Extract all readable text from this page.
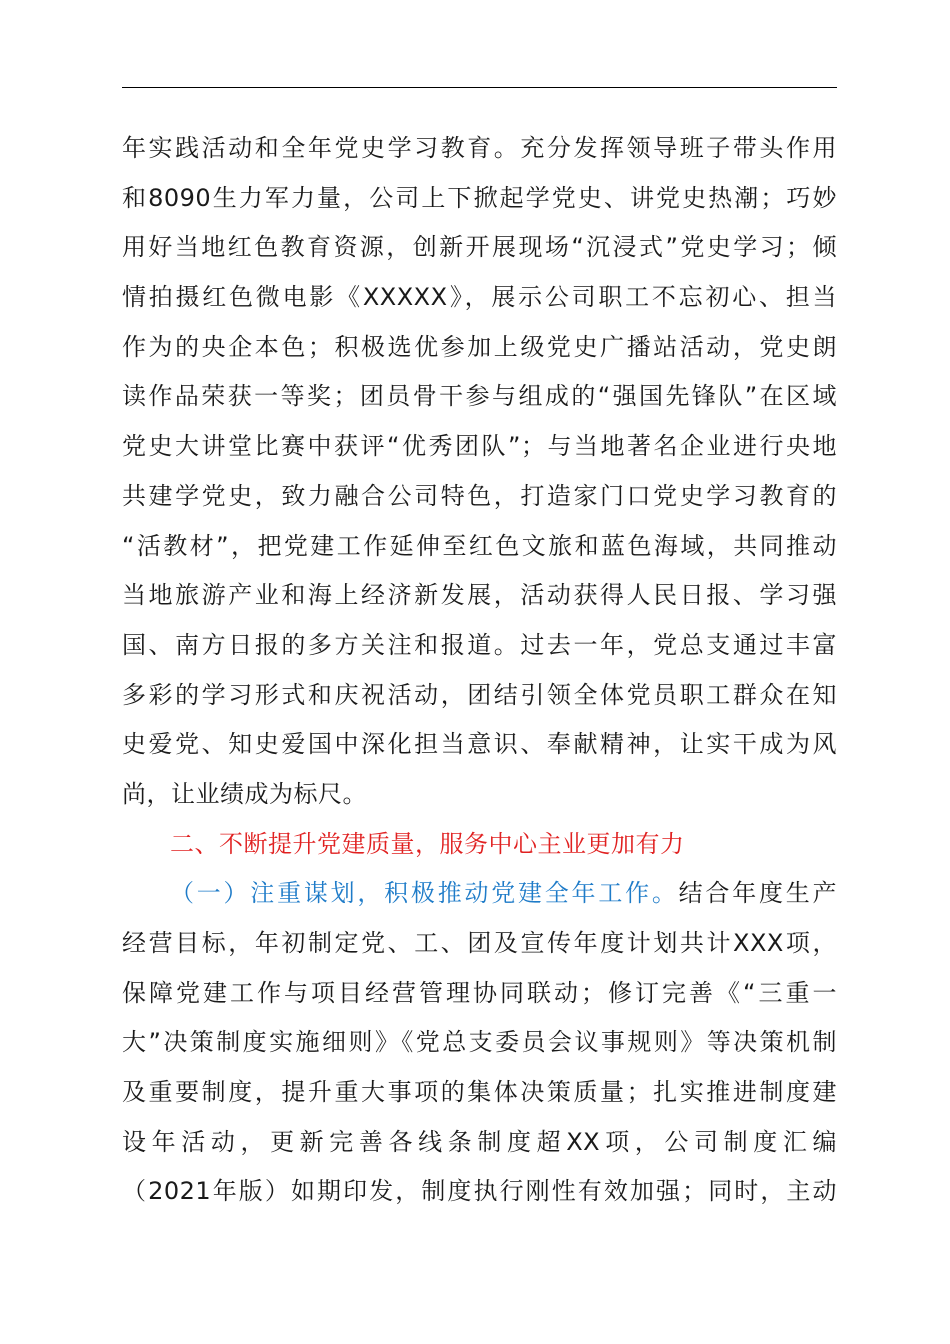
年实践活动和全年党史学习教育。充分发挥领导班子带头作用
和8090生力军力量，公司上下掀起学党史、讲党史热潮；巧妙
用好当地红色教育资源，创新开展现场“沉浸式”党史学习；倾
情拍摄红色微电影《XXXXX》，展示公司职工不忘初心、担当
作为的央企本色；积极选优参加上级党史广播站活动，党史朗
读作品荣获一等奖；团员骨干参与组成的“强国先锋队”在区域
党史大讲堂比赛中获评“优秀团队”；与当地著名企业进行央地
共建学党史，致力融合公司特色，打造家门口党史学习教育的
“活教材”，把党建工作延伸至红色文旅和蓝色海域，共同推动
当地旅游产业和海上经济新发展，活动获得人民日报、学习强
国、南方日报的多方关注和报道。过去一年，党总支通过丰富
多彩的学习形式和庆祝活动，团结引领全体党员职工群众在知
史爱党、知史爱国中深化担当意识、奉献精神，让实干成为风
尚，让业绩成为标尺。
二、不断提升党建质量，服务中心主业更加有力
（一）注重谋划，积极推动党建全年工作。结合年度生产
经营目标，年初制定党、工、团及宣传年度计划共计XXX项，
保障党建工作与项目经营管理协同联动；修订完善《“三重一
大”决策制度实施细则》《党总支委员会议事规则》等决策机制
及重要制度，提升重大事项的集体决策质量；扎实推进制度建
设年活动，更新完善各线条制度超XX项，公司制度汇编
（2021年版）如期印发，制度执行刚性有效加强；同时，主动
